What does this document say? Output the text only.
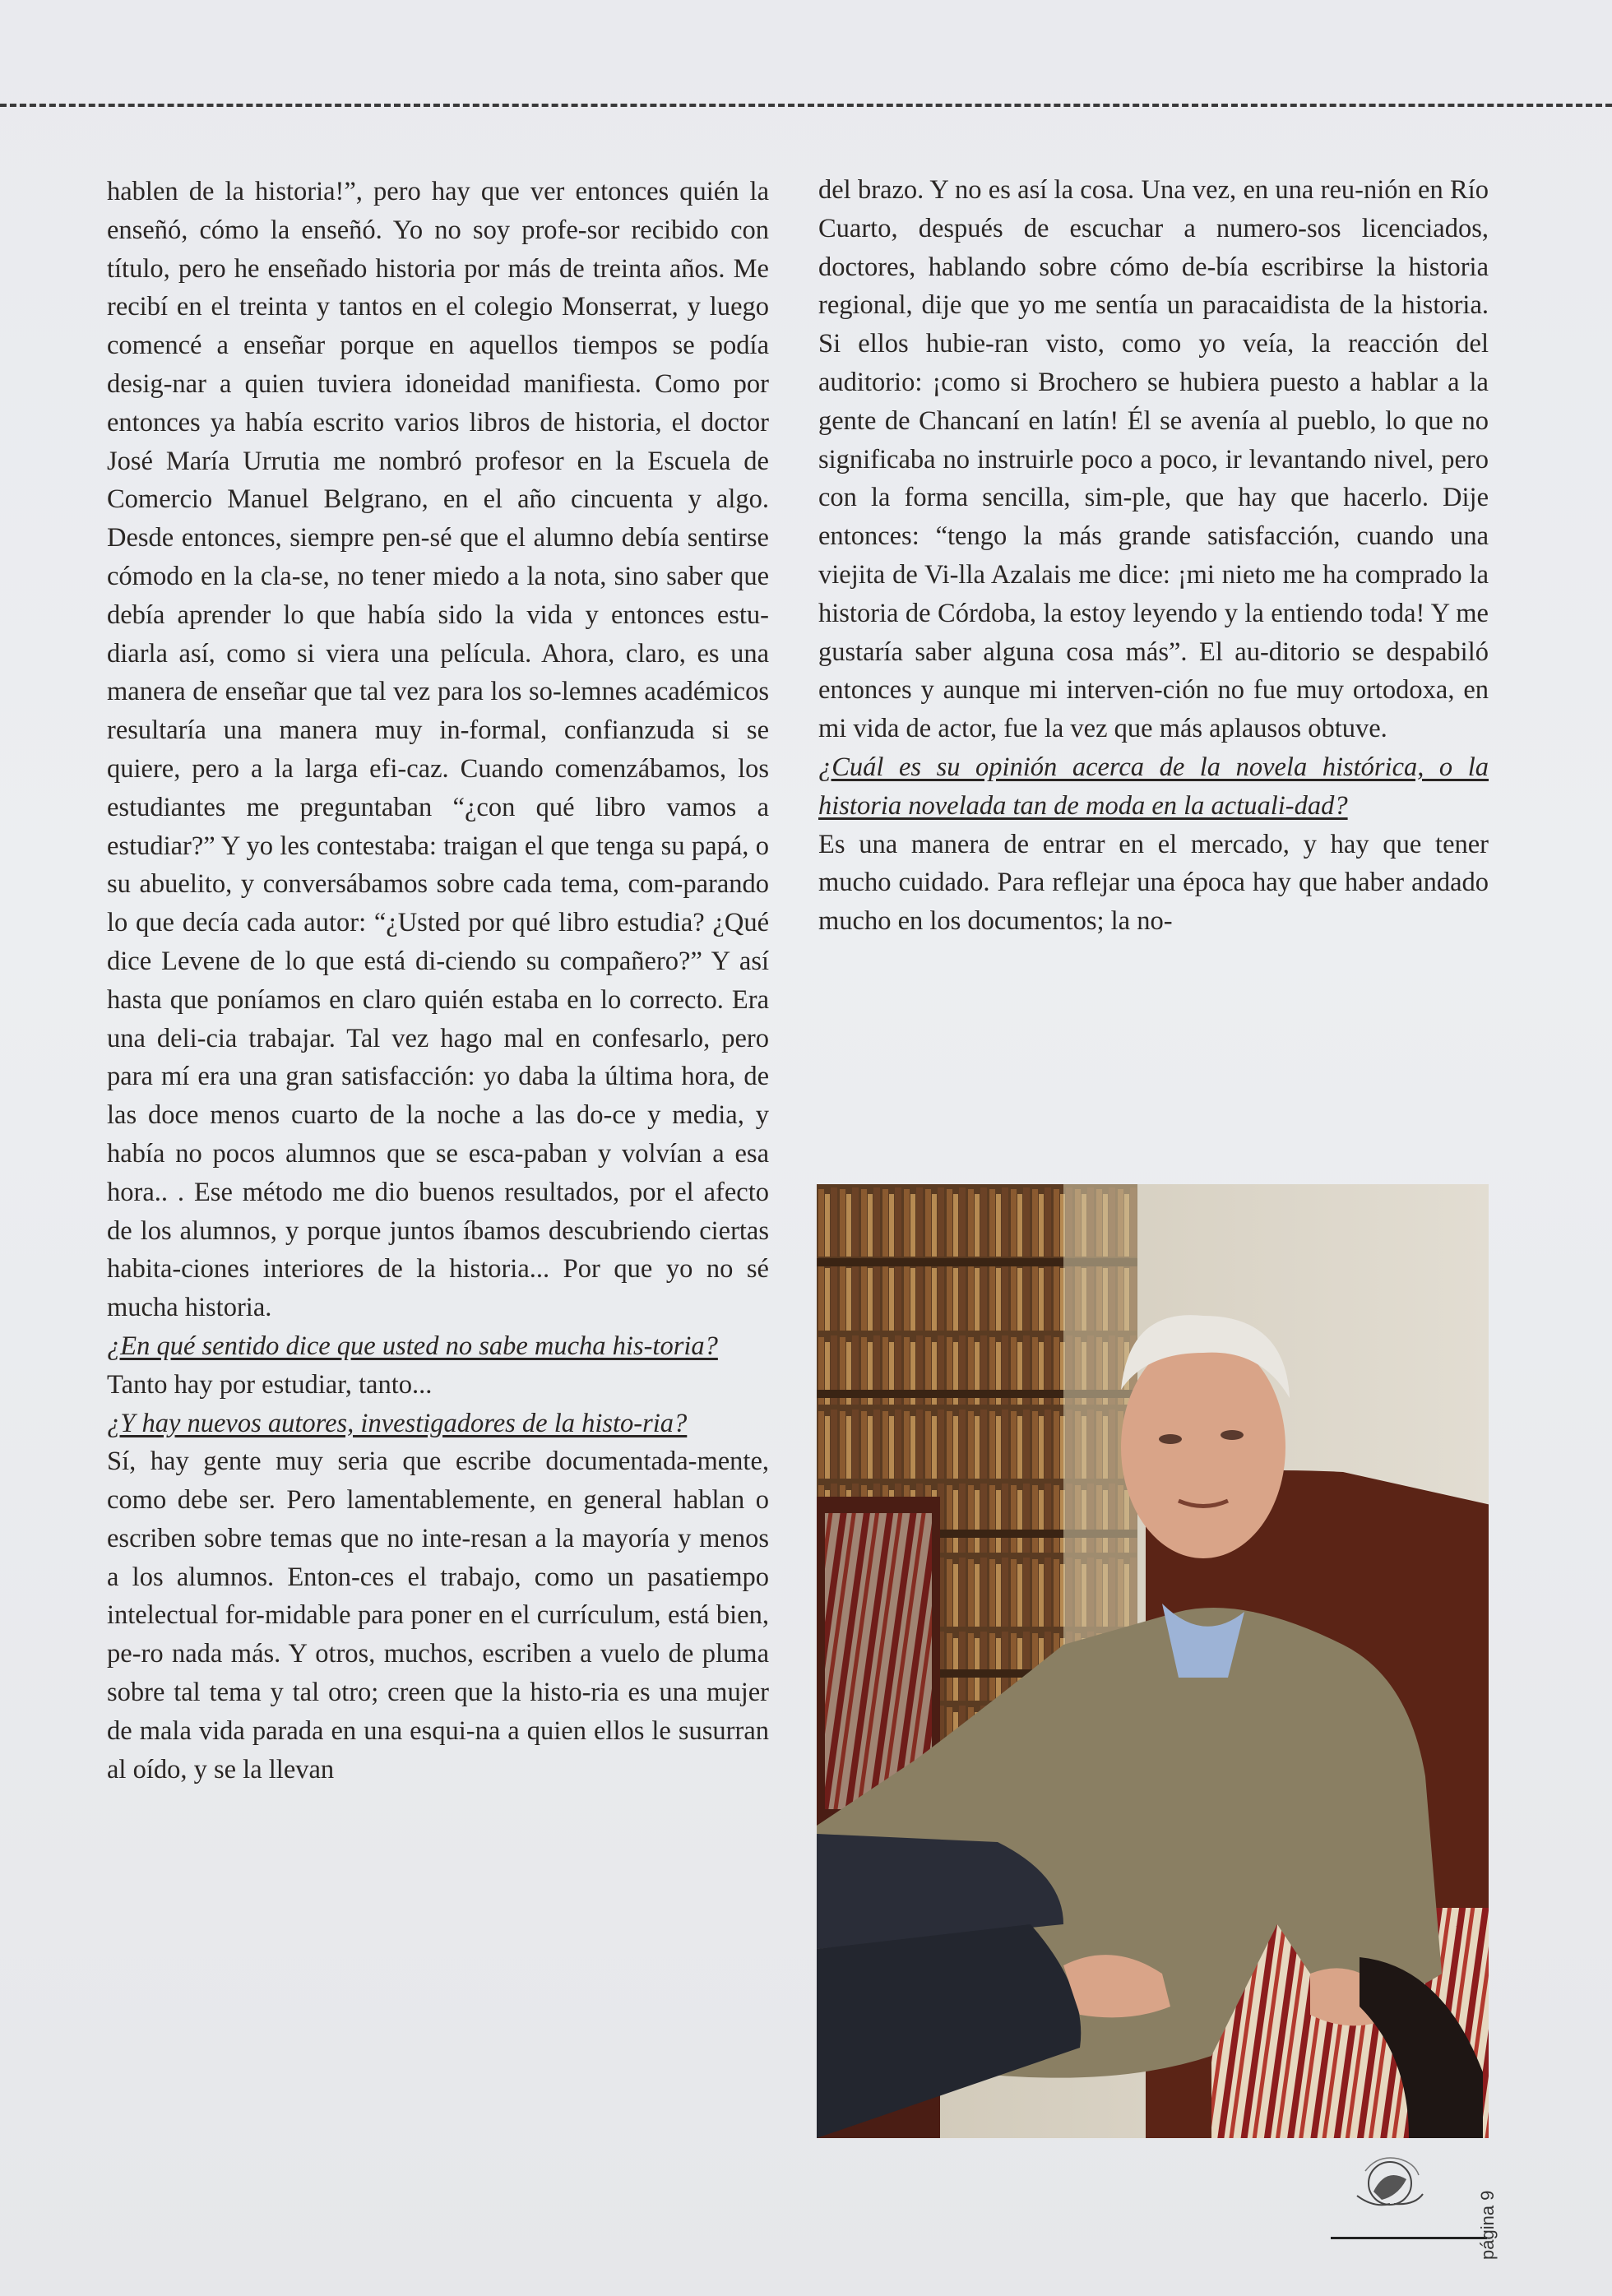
hablen de la historia!”, pero hay que ver entonces quién la enseñó, cómo la enseñó. Yo no soy profe-sor recibido con título, pero he enseñado historia por más de treinta años. Me recibí en el treinta y tantos en el colegio Monserrat, y luego comencé a enseñar porque en aquellos tiempos se podía desig-nar a quien tuviera idoneidad manifiesta. Como por entonces ya había escrito varios libros de historia, el doctor José María Urrutia me nombró profesor en la Escuela de Comercio Manuel Belgrano, en el año cincuenta y algo. Desde entonces, siempre pen-sé que el alumno debía sentirse cómodo en la cla-se, no tener miedo a la nota, sino saber que debía aprender lo que había sido la vida y entonces estu-diarla así, como si viera una película. Ahora, claro, es una manera de enseñar que tal vez para los so-lemnes académicos resultaría una manera muy in-formal, confianzuda si se quiere, pero a la larga efi-caz. Cuando comenzábamos, los estudiantes me preguntaban “¿con qué libro vamos a estudiar?” Y yo les contestaba: traigan el que tenga su papá, o su abuelito, y conversábamos sobre cada tema, com-parando lo que decía cada autor: “¿Usted por qué libro estudia? ¿Qué dice Levene de lo que está di-ciendo su compañero?” Y así hasta que poníamos en claro quién estaba en lo correcto. Era una deli-cia trabajar. Tal vez hago mal en confesarlo, pero para mí era una gran satisfacción: yo daba la última hora, de las doce menos cuarto de la noche a las do-ce y media, y había no pocos alumnos que se esca-paban y volvían a esa hora.. . Ese método me dio buenos resultados, por el afecto de los alumnos, y porque juntos íbamos descubriendo ciertas habita-ciones interiores de la historia... Por que yo no sé mucha historia.

¿En qué sentido dice que usted no sabe mucha his-toria?

Tanto hay por estudiar, tanto...

¿Y hay nuevos autores, investigadores de la histo-ria?

Sí, hay gente muy seria que escribe documentada-mente, como debe ser. Pero lamentablemente, en general hablan o escriben sobre temas que no inte-resan a la mayoría y menos a los alumnos. Enton-ces el trabajo, como un pasatiempo intelectual for-midable para poner en el currículum, está bien, pe-ro nada más. Y otros, muchos, escriben a vuelo de pluma sobre tal tema y tal otro; creen que la histo-ria es una mujer de mala vida parada en una esqui-na a quien ellos le susurran al oído, y se la llevan

del brazo. Y no es así la cosa. Una vez, en una reu-nión en Río Cuarto, después de escuchar a numero-sos licenciados, doctores, hablando sobre cómo de-bía escribirse la historia regional, dije que yo me sentía un paracaidista de la historia. Si ellos hubie-ran visto, como yo veía, la reacción del auditorio: ¡como si Brochero se hubiera puesto a hablar a la gente de Chancaní en latín! Él se avenía al pueblo, lo que no significaba no instruirle poco a poco, ir levantando nivel, pero con la forma sencilla, sim-ple, que hay que hacerlo. Dije entonces: “tengo la más grande satisfacción, cuando una viejita de Vi-lla Azalais me dice: ¡mi nieto me ha comprado la historia de Córdoba, la estoy leyendo y la entiendo toda! Y me gustaría saber alguna cosa más”. El au-ditorio se despabiló entonces y aunque mi interven-ción no fue muy ortodoxa, en mi vida de actor, fue la vez que más aplausos obtuve.

¿Cuál es su opinión acerca de la novela histórica, o la historia novelada tan de moda en la actuali-dad?

Es una manera de entrar en el mercado, y hay que tener mucho cuidado. Para reflejar una época hay que haber andado mucho en los documentos; la no-

página 9
